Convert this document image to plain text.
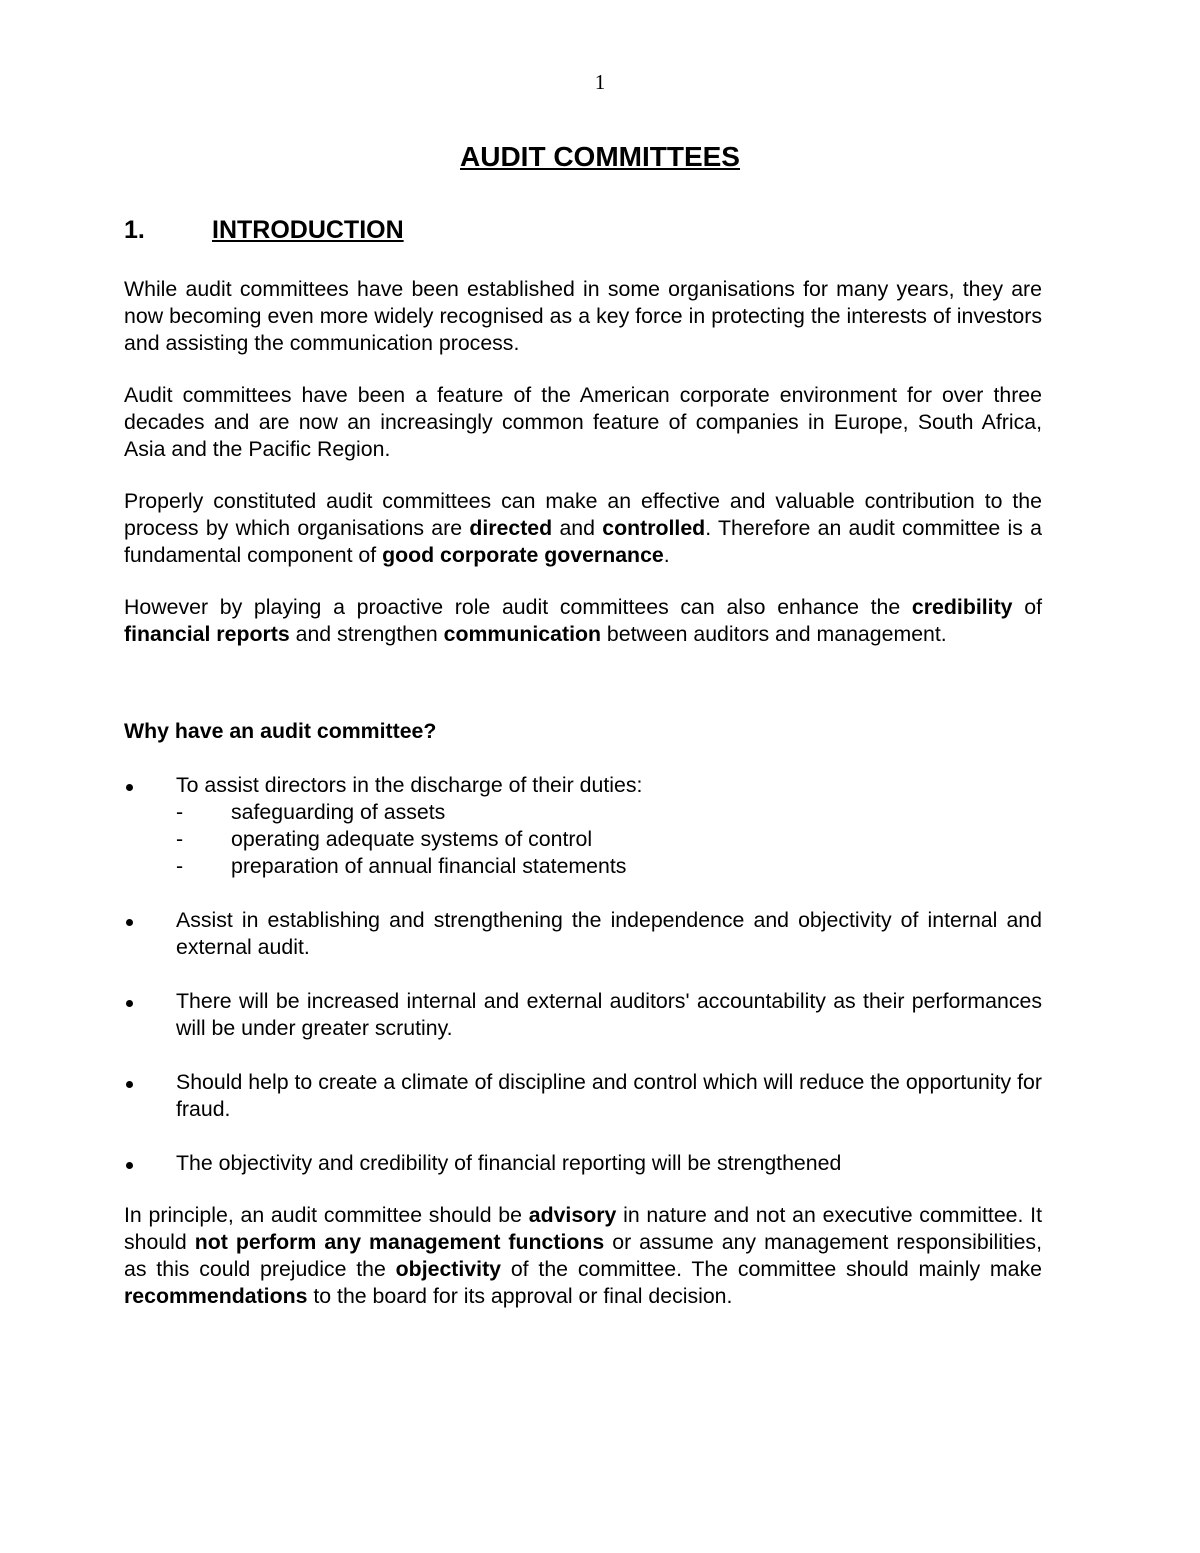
1
AUDIT COMMITTEES
1.	INTRODUCTION

While audit committees have been established in some organisations for many years, they are now becoming even more widely recognised as a key force in protecting the interests of investors and assisting the communication process.

Audit committees have been a feature of the American corporate environment for over three decades and are now an increasingly common feature of companies in Europe, South Africa, Asia and the Pacific Region.

Properly constituted audit committees can make an effective and valuable contribution to the process by which organisations are directed and controlled. Therefore an audit committee is a fundamental component of good corporate governance.

However by playing a proactive role audit committees can also enhance the credibility of financial reports and strengthen communication between auditors and management.

Why have an audit committee?

To assist directors in the discharge of their duties:
- safeguarding of assets
- operating adequate systems of control
- preparation of annual financial statements
Assist in establishing and strengthening the independence and objectivity of internal and external audit.
There will be increased internal and external auditors' accountability as their performances will be under greater scrutiny.
Should help to create a climate of discipline and control which will reduce the opportunity for fraud.
The objectivity and credibility of financial reporting will be strengthened

In principle, an audit committee should be advisory in nature and not an executive committee. It should not perform any management functions or assume any management responsibilities, as this could prejudice the objectivity of the committee. The committee should mainly make recommendations to the board for its approval or final decision.
